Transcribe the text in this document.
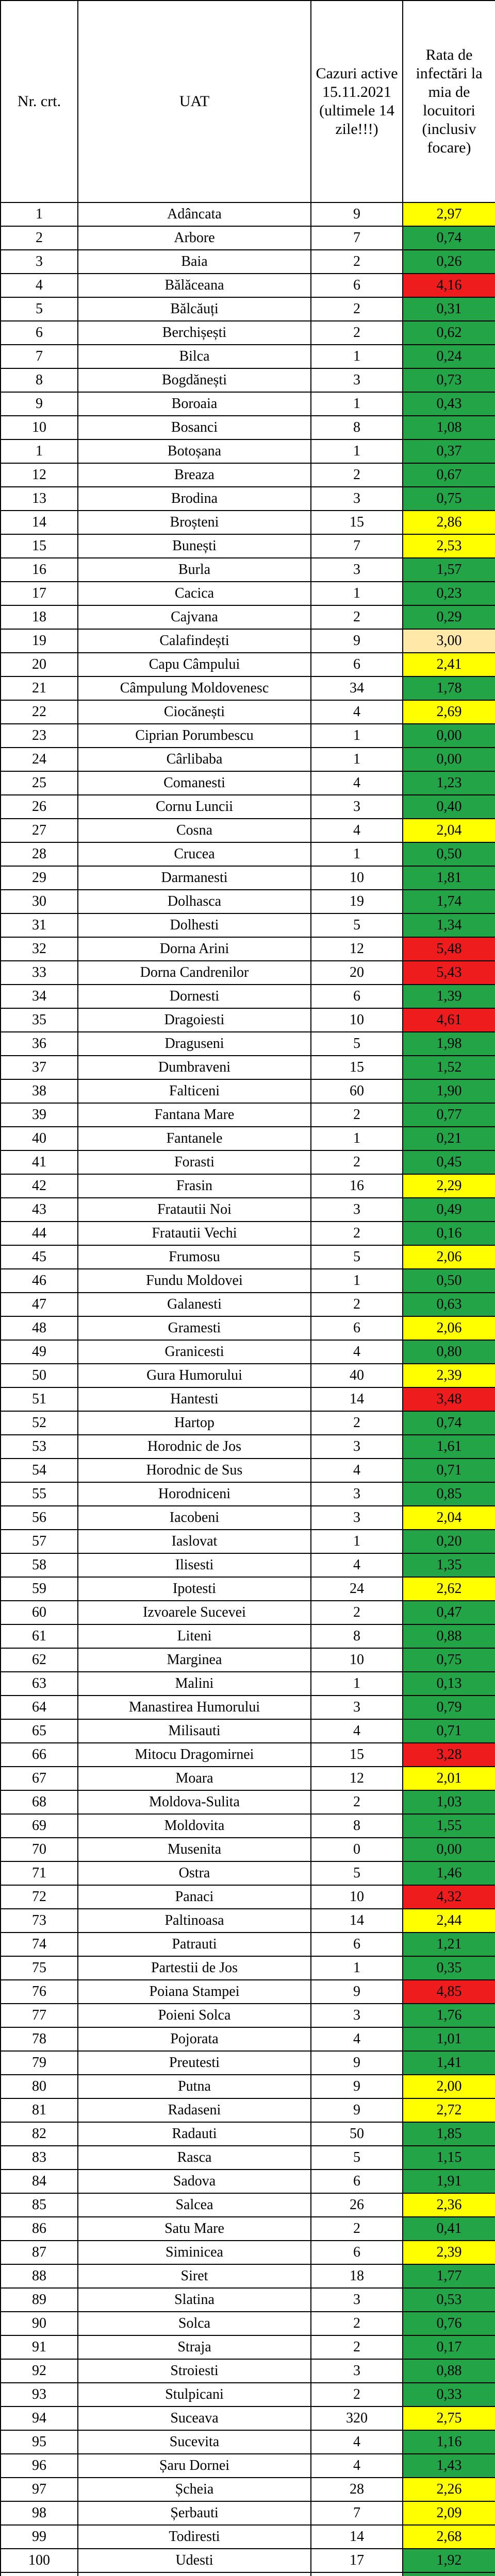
Nr. crt.	UAT	Cazuri active 15.11.2021 (ultimele 14 zile!!!)	Rata de infectări la mia de locuitori (inclusiv focare)
1	Adâncata	9	2,97
2	Arbore	7	0,74
3	Baia	2	0,26
4	Bălăceana	6	4,16
5	Bălcăuți	2	0,31
6	Berchișești	2	0,62
7	Bilca	1	0,24
8	Bogdănești	3	0,73
9	Boroaia	1	0,43
10	Bosanci	8	1,08
1	Botoșana	1	0,37
12	Breaza	2	0,67
13	Brodina	3	0,75
14	Broșteni	15	2,86
15	Bunești	7	2,53
16	Burla	3	1,57
17	Cacica	1	0,23
18	Cajvana	2	0,29
19	Calafindești	9	3,00
20	Capu Câmpului	6	2,41
21	Câmpulung Moldovenesc	34	1,78
22	Ciocănești	4	2,69
23	Ciprian Porumbescu	1	0,00
24	Cârlibaba	1	0,00
25	Comanesti	4	1,23
26	Cornu Luncii	3	0,40
27	Cosna	4	2,04
28	Crucea	1	0,50
29	Darmanesti	10	1,81
30	Dolhasca	19	1,74
31	Dolhesti	5	1,34
32	Dorna Arini	12	5,48
33	Dorna Candrenilor	20	5,43
34	Dornesti	6	1,39
35	Dragoiesti	10	4,61
36	Draguseni	5	1,98
37	Dumbraveni	15	1,52
38	Falticeni	60	1,90
39	Fantana Mare	2	0,77
40	Fantanele	1	0,21
41	Forasti	2	0,45
42	Frasin	16	2,29
43	Fratautii Noi	3	0,49
44	Fratautii Vechi	2	0,16
45	Frumosu	5	2,06
46	Fundu Moldovei	1	0,50
47	Galanesti	2	0,63
48	Gramesti	6	2,06
49	Granicesti	4	0,80
50	Gura Humorului	40	2,39
51	Hantesti	14	3,48
52	Hartop	2	0,74
53	Horodnic de Jos	3	1,61
54	Horodnic de Sus	4	0,71
55	Horodniceni	3	0,85
56	Iacobeni	3	2,04
57	Iaslovat	1	0,20
58	Ilisesti	4	1,35
59	Ipotesti	24	2,62
60	Izvoarele Sucevei	2	0,47
61	Liteni	8	0,88
62	Marginea	10	0,75
63	Malini	1	0,13
64	Manastirea Humorului	3	0,79
65	Milisauti	4	0,71
66	Mitocu Dragomirnei	15	3,28
67	Moara	12	2,01
68	Moldova-Sulita	2	1,03
69	Moldovita	8	1,55
70	Musenita	0	0,00
71	Ostra	5	1,46
72	Panaci	10	4,32
73	Paltinoasa	14	2,44
74	Patrauti	6	1,21
75	Partestii de Jos	1	0,35
76	Poiana Stampei	9	4,85
77	Poieni Solca	3	1,76
78	Pojorata	4	1,01
79	Preutesti	9	1,41
80	Putna	9	2,00
81	Radaseni	9	2,72
82	Radauti	50	1,85
83	Rasca	5	1,15
84	Sadova	6	1,91
85	Salcea	26	2,36
86	Satu Mare	2	0,41
87	Siminicea	6	2,39
88	Siret	18	1,77
89	Slatina	3	0,53
90	Solca	2	0,76
91	Straja	2	0,17
92	Stroiesti	3	0,88
93	Stulpicani	2	0,33
94	Suceava	320	2,75
95	Sucevita	4	1,16
96	Șaru Dornei	4	1,43
97	Șcheia	28	2,26
98	Șerbauti	7	2,09
99	Todiresti	14	2,68
100	Udesti	17	1,92
